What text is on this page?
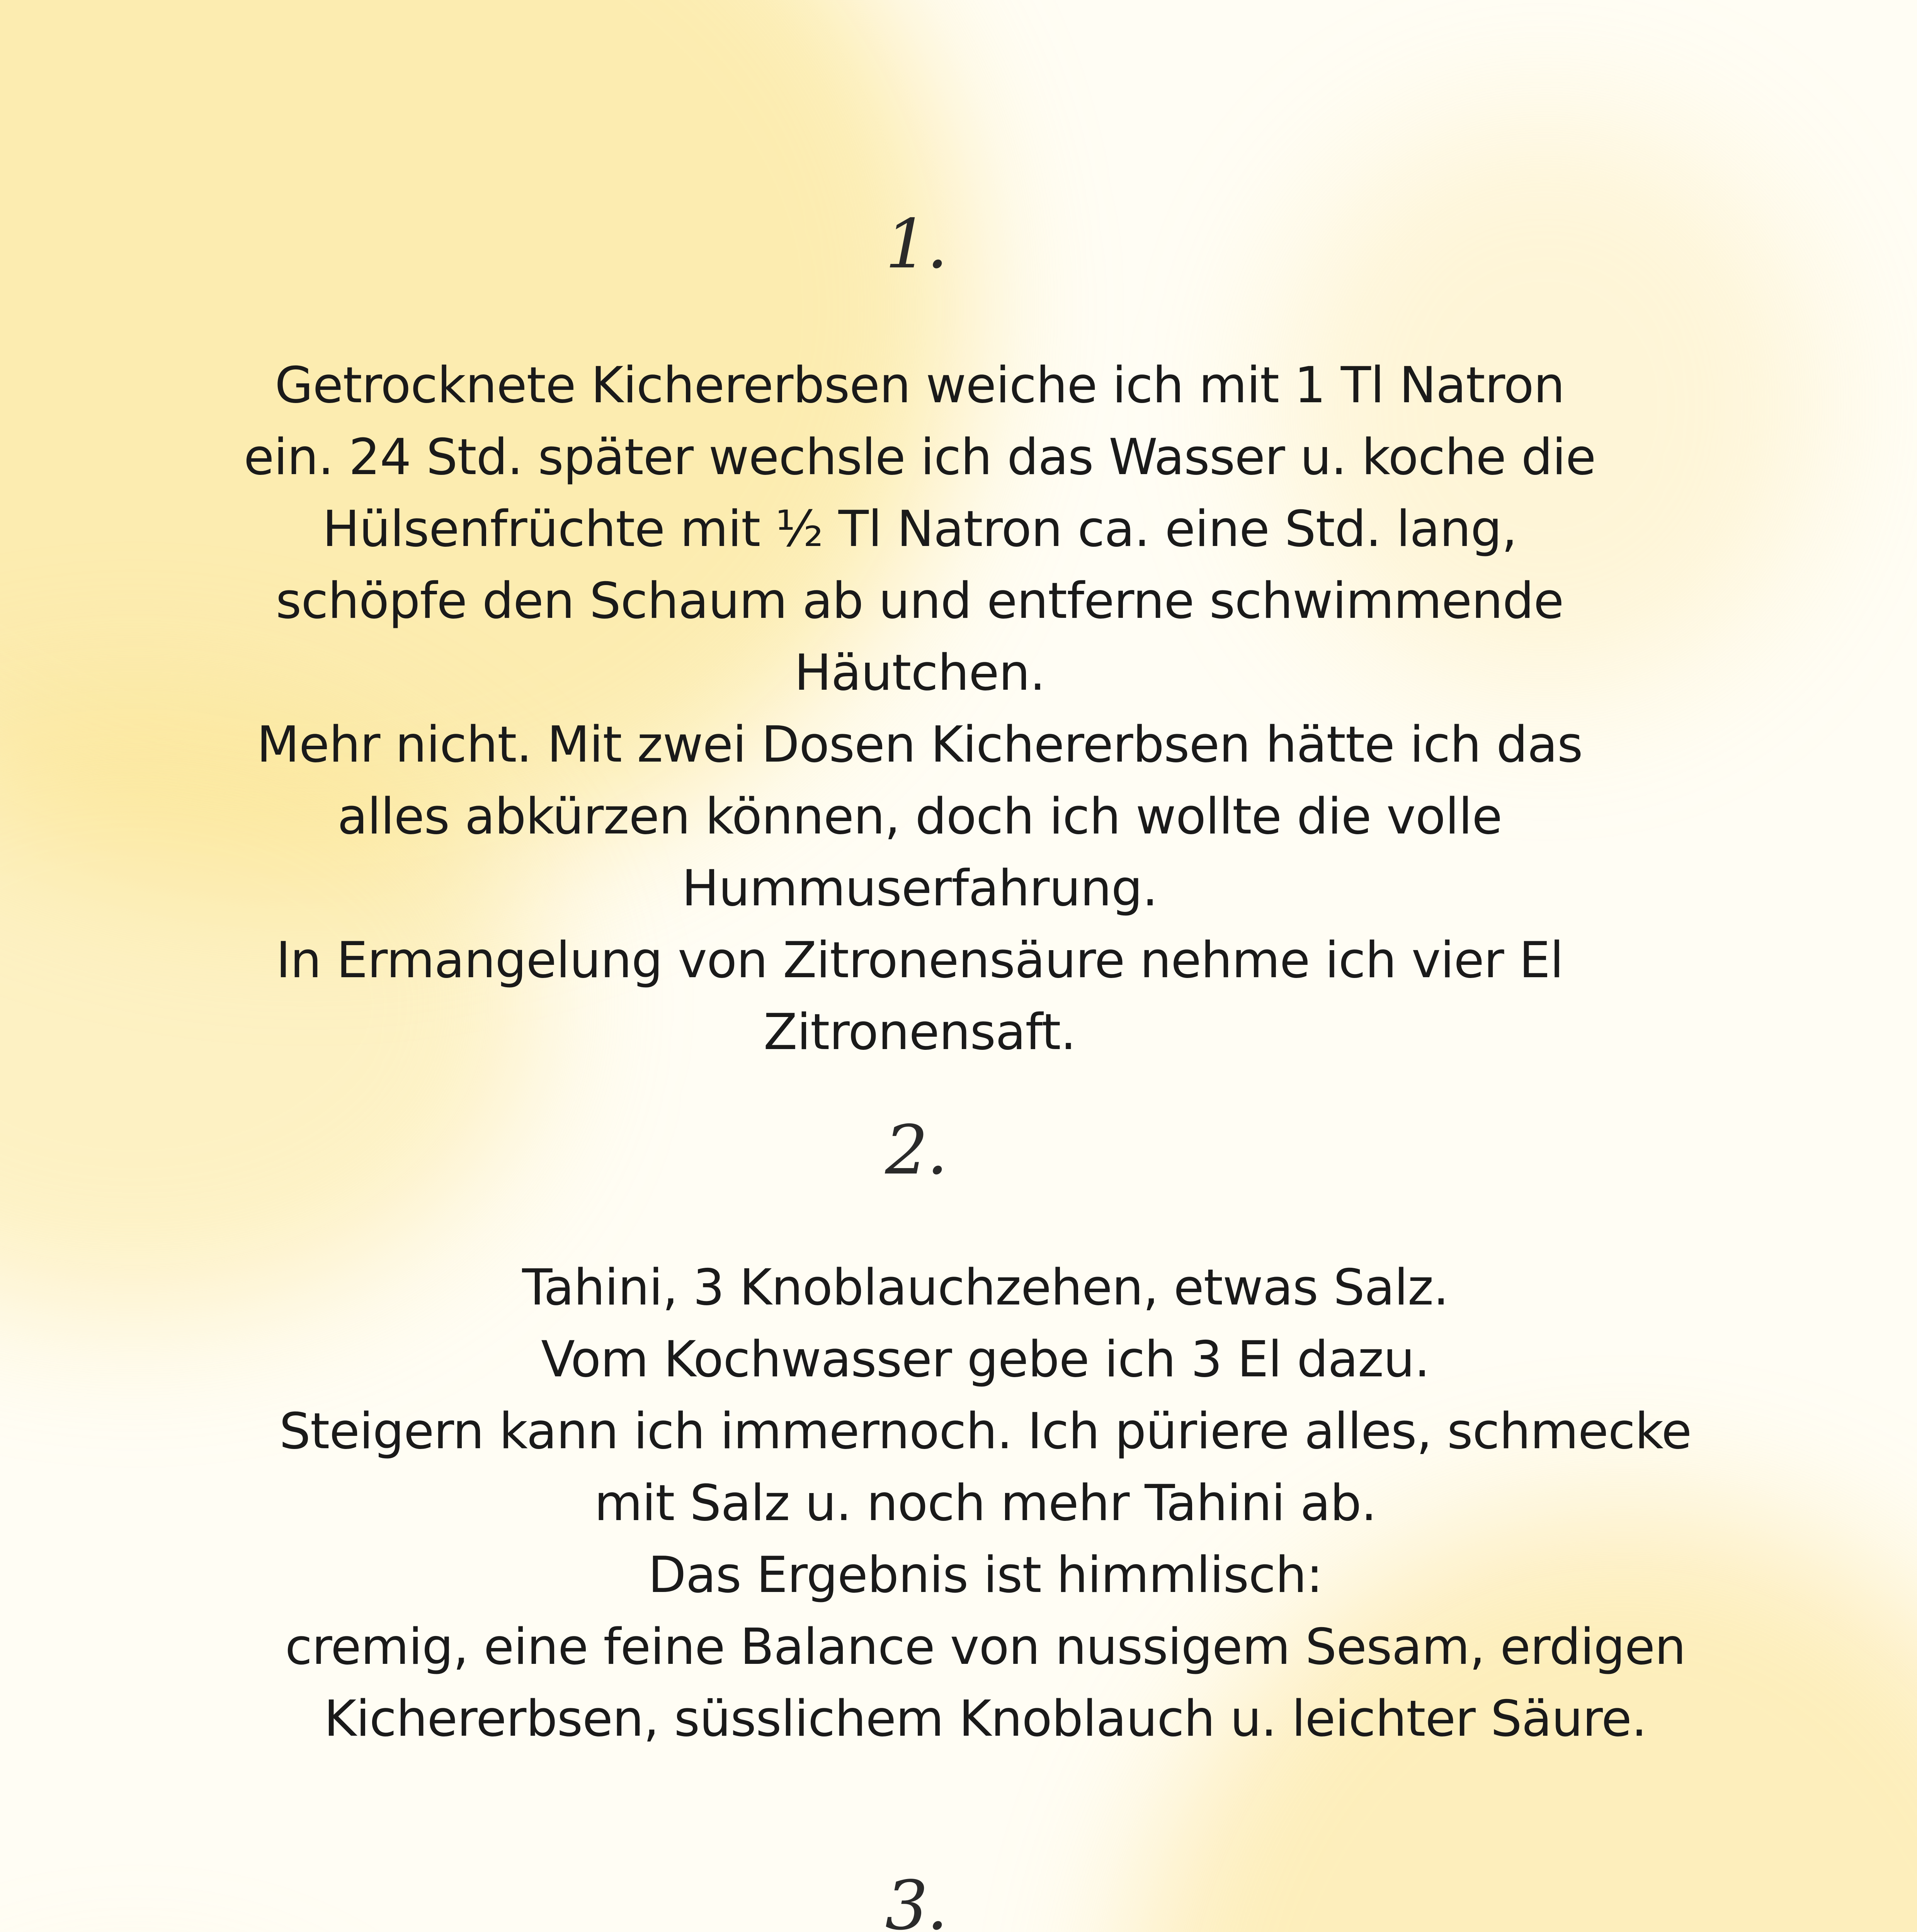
1.
Getrocknete Kichererbsen weiche ich mit 1 Tl Natron
ein. 24 Std. später wechsle ich das Wasser u. koche die
Hülsenfrüchte mit ½ Tl Natron ca. eine Std. lang,
schöpfe den Schaum ab und entferne schwimmende
Häutchen.
Mehr nicht. Mit zwei Dosen Kichererbsen hätte ich das
alles abkürzen können, doch ich wollte die volle
Hummuserfahrung.
In Ermangelung von Zitronensäure nehme ich vier El
Zitronensaft.
2.
Tahini, 3 Knoblauchzehen, etwas Salz.
Vom Kochwasser gebe ich 3 El dazu.
Steigern kann ich immernoch. Ich püriere alles, schmecke
mit Salz u. noch mehr Tahini ab.
Das Ergebnis ist himmlisch:
cremig, eine feine Balance von nussigem Sesam, erdigen
Kichererbsen, süsslichem Knoblauch u. leichter Säure.
3.
